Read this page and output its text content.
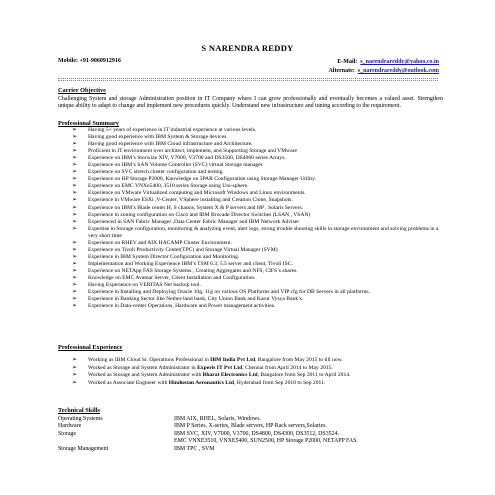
S NARENDRA REDDY
Mobile: +91-9060912916	E-Mail: s_narendrareddy@yahoo.co.in
Alternate: s_narendrareddy@outlook.com
Carrier Objective
Challenging System and storage Administration position in IT Company where I can grow professionally and eventually becomes a valued asset. Strengthen unique ability to adapt to change and implement new procedures quickly. Understand new infrastructure and tuning according to the requirement.
Professional Summary
➢ Having 5+ years of experience in IT industrial experience at various levels.
➢ Having good experience with IBM System & Storage devices.
➢ Having good experience with IBM Cloud infrastructure and Architecture.
➢ Proficient in IT environment over architect, implement, and Supporting Storage and VMware
➢ Experience on IBM’s Storwize XIV, V7000, V3700 and DS3500, DS4000 series Arrays.
➢ Experience on IBM’s SAN Volume Controller (SVC) virtual Storage manager.
➢ Experience on SVC stretch cluster configuration and testing.
➢ Experience on HP Storage P2000, Knowledge on 3PAR Configuration using Storage Manager Utility.
➢ Experience on EMC VNXe5400, 3510 series Storage using Uni-sphere.
➢ Experience on VMware Virtualized computing and Microsoft Windows and Linux environments.
➢ Experience in VMware ESXi ,V-Center, VSphere installing and Creation Clone, Snapshots.
➢ Experience on IBM’s Blade center H, S chassis, System X & P servers and HP , Solaris Servers.
➢ Experience in zoning configuration on Cisco and IBM Brocade Director Switches (LSAN , VSAN)
➢ Experienced in SAN Fabric Manager ,Data Center Fabric Manager and IBM Network Adviser
➢ Expertise in Storage configuration, monitoring & analyzing event, alert logs, strong trouble shooting skills in storage environment and solving problems in a very short time
➢ Experience on RHEV and AIX HACAMP Cluster Environment.
➢ Experience on Tivoli Productivity Center(TPC) and Storage Virtual Manager (SVM)
➢ Experience in IBM System Director Configuration and Monitoring.
➢ Implementation and Working Experience IBM’s TSM 6.3, 5.5 server and client, Tivoli ISC.
➢ Experience on NETApp FAS Storage Systems , Creating Aggregates and NFS, CIFS’s shares.
➢ Knowledge on EMC Avamar Server, Client Installation and Configuration.
➢ Having Experience on VERITAS Net backup tool.
➢ Experience in Installing and Deploying Oracle 10g, 11g on various OS Platforms and VIP cfg for DB Servers in all platforms.
➢ Experience in Banking Sector like Nether-land bank, City Union Bank and Karur Vysya Bank’s.
➢ Experience in Data-center Operations, Hardware and Power management activities.
Professional Experience
➢ Working as IBM Cloud Sr. Operations Professional in IBM India Pvt Ltd, Bangalore from May 2015 to till now.
➢ Worked as Storage and System Administrator in Experis IT Pvt Ltd, Chennai from April 2014 to May 2015.
➢ Worked as Storage and System Administrator with Bharat Electronics Ltd, Bangalore from Sep 2011 to April 2014.
➢ Worked as Associate Engineer with Hindustan Aeronautics Ltd, Hyderabad from Sep 2010 to Sep 2011.
Technical Skills
Operating Systems	IBM AIX, RHEL, Solaris, Windows.
Hardware	IBM P Series, X-series, Blade servers, HP Rack servers,Solaries.
Storage	IBM SVC, XIV, V7000, V3700, DS4800, DS4300, DS3512, DS3524.
EMC VNXE3510, VNXE5400, SUN2500, HP Storage P2000, NETAPP FAS.
Storage Management	IBM TPC , SVM
